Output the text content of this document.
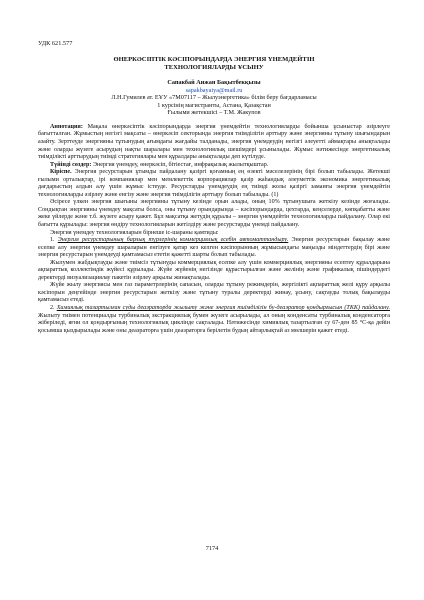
УДК 621.577
ӨНЕРКӘСІПТІК КӘСІПОРЫНДАРДА ЭНЕРГИЯ ҮНЕМДЕЙТІН
ТЕХНОЛОГИЯЛАРДЫ ҰСЫНУ
Сапакбай Аижан Бақытбекқызы
sapakbayaiya@mail.ru
Л.Н.Гумилев ат. ЕҰУ «7М07117 – Жылуэнергетика» білім беру бағдарламасы
1 курсінің магистранты, Астана, Қазақстан
Ғылыми жетекшісі – Т.М. Жакупов

Аннотация: Мақала өнеркәсіптік кәсіпорындарда энергия үнемдейтін технологияларды бойынша ұсыныстар әзірлеуге бағытталған. Жұмыстың негізгі мақсаты – өнеркәсіп секторында энергия тиімділігін арттыру және энергияны тұтыну шығындарын азайту. Зерттеуде энергияны тұтынудың ағымдағы жағдайы талданады, энергия үнемдеудің негізгі әлеуетті аймақтары анықталады және оларды жүзеге асырудың нақты шаралары мен технологиялық шешімдері ұсынылады. Жұмыс нәтижесінде энергетикалық тиімділікті арттырудың тиімді стратегиялары мен құралдары анықталады деп күтілуде.

Түйінді сөздер: Энергия үнемдеу, өнеркәсіп, бітіестағ, инфрақызық жылытқыштар.

Кіріспе. Энергия ресурстарын ұтымды пайдалану қазіргі қоғамның ең өзекті мәселелерінің бірі болып табылады. Жетекші ғылыми орталықтар, ірі компаниялар мен мемлекеттік корпорациялар қазір жаһандық әлеуметтік экономика энергетикалық дағдарыстың алдын алу үшін жұмыс істеуде. Ресурстарды үнемдеудің ең тиімді жолы қазіргі заманғы энергия үнемдейтін технологияларды әзірлеу және енгізу және энергия тиімділігін арттыру болып табылады. (1)

Әсіресе үлкен энергия шығыны энергияны тұтыну кезінде орын алады, оның 10% тұтынушыға жеткізу кезінде жоғалады. Сондықтан энергияны үнемдеу мақсаты болса, оны тұтыну орындарында – кәсіпорындарда, цехтарда, кеңселерде, көпқабатты және жеке үйлерде және т.б. жүзеге асыру қажет. Бұл мақсатқа жетудің құралы – энергия үнемдейтін технологияларды пайдалану. Олар екі бағытта құрылады: энергия өндіру технологияларын жетілдіру және ресурстарды үнемді пайдалану.

Энергия үнемдеу технологияларын бірнеше іс-шараны қамтиды:

1. Энергия ресурстарының барлық түрлерінің коммерциялық есебін автоматтандыру. Энергия ресурстарын бақылау және есепке алу энергия үнемдеу шараларын енгізуге қатар кез келген кәсіпорынның жұмысындағы маңызды міндеттердің бірі және энергия ресурстарын үнемдеуді қамтамасыз ететін қажетті шарты болып табылады.

Жылумен жабдықтауды және тиімсіз тұтынуды коммерциялық есепке алу үшін коммерциялық энергияны есептеу құралдарына ақпараттық коллектімдік жүйесі құрылады. Жүйе жүйенің негізінде құрастырылған және желінің және графикалық пішіндердегі деректерді визуализациялау пакетін әзірлеу арқылы жинақталады.

Жүйе жылу энергиясы мен газ параметрлерінің сапасын, оларды тұтыну режимдерін, жергілікті ақпараттық желі құру арқылы кәсіпорын деңгейінде энергия ресурстарын жеткізу және тұтыну туралы деректерді жинау, ұсыну, сақтауды толық бақылауды қамтамасыз етеді.

2. Химиялық тазартылған суды деаэраторда жылыту және энергия тиімділігін бу-деаэратор қондырғысын (ТКК) пайдалану. Жылыту тиімен потенциалды турбиналық экстракциялық бумен жүзеге асырылады, ал оның конденсаты турбиналық конденсаторға жіберіледі, яғни ол қондырғының технологиялық циклінде сақталады. Нәтижесінде химиялық тазартылған су 67-ден 85 °С-қа дейін қосымша қыздырылады және оны деаэраторға үшін деаэраторға берілетін будың айтарлықтай аз мөлшерін қажет етеді.

7174
